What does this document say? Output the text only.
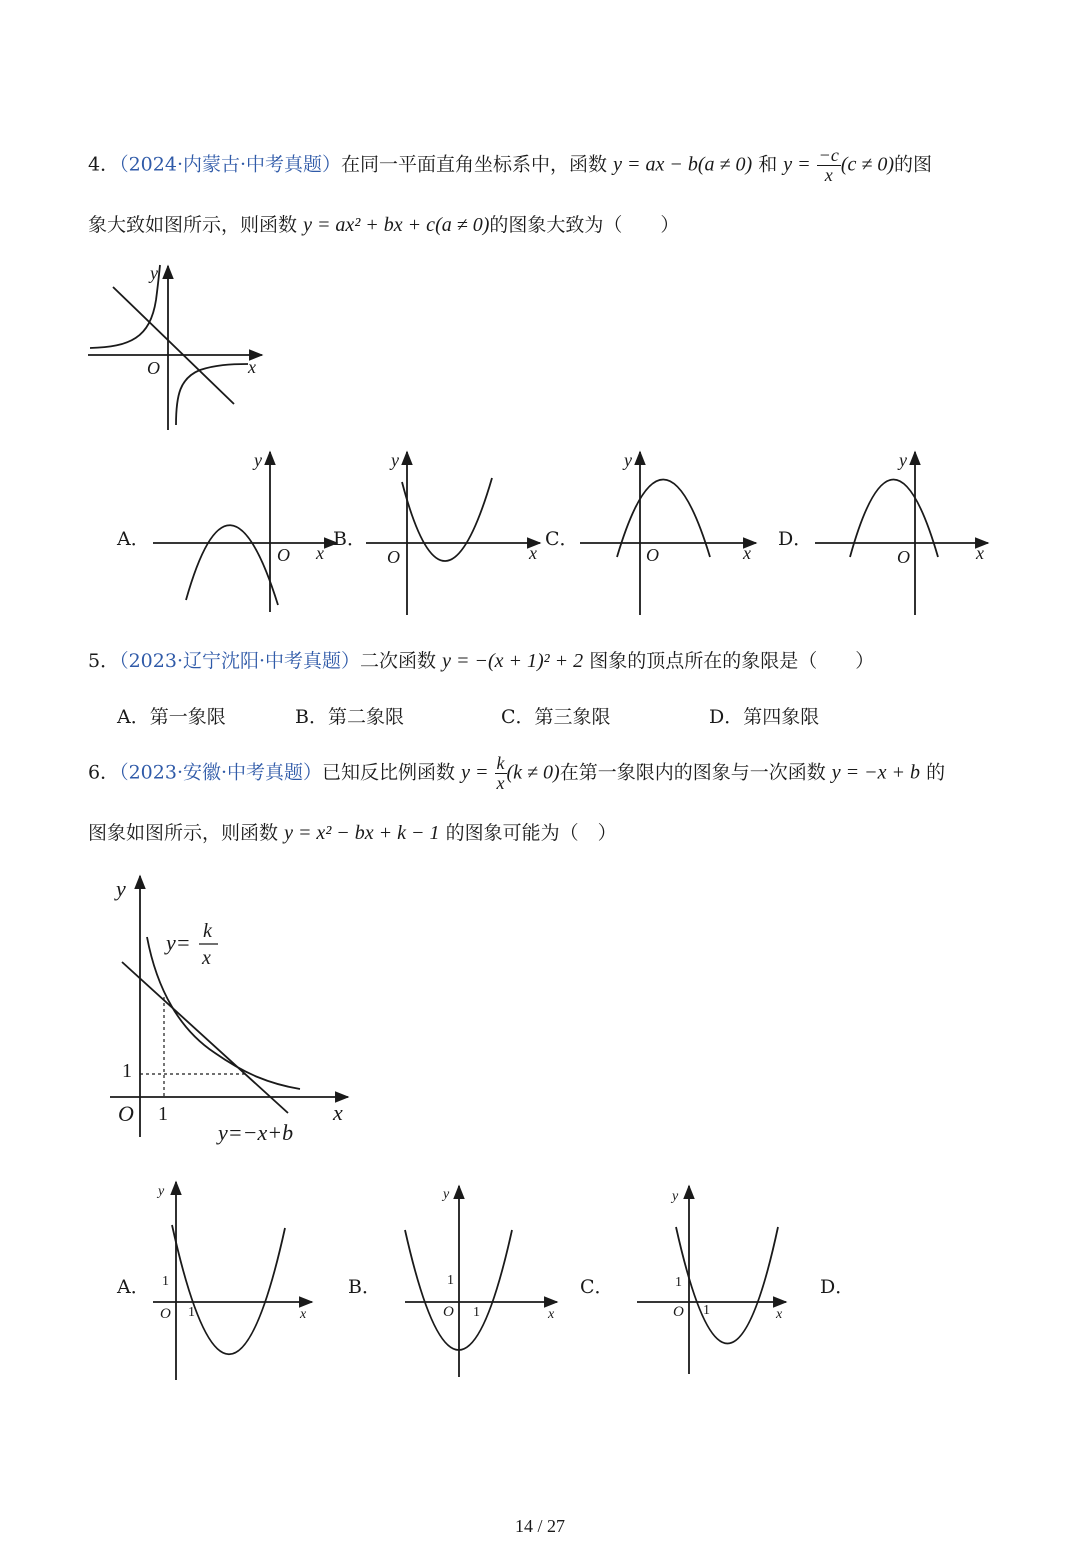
4．（2024·内蒙古·中考真题）在同一平面直角坐标系中，函数 y = ax − b(a ≠ 0) 和 $y = \frac{-c}{x} (c \ne 0)$的图
象大致如图所示，则函数 y = ax² + bx + c(a ≠ 0)的图象大致为（　　）
A．	B．	C．	D．
5．（2023·辽宁沈阳·中考真题）二次函数 y = −(x + 1)² + 2 图象的顶点所在的象限是（　　）
A．第一象限	B．第二象限	C．第三象限	D．第四象限
6．（2023·安徽·中考真题）已知反比例函数 $y = \frac{k}{x} (k \ne 0)$在第一象限内的图象与一次函数 y = −x + b 的
图象如图所示，则函数 y = x² − bx + k − 1 的图象可能为（　）
A．	B．	C．	D．
y
x
O
y
x
O
y
x
O
y
x
O
y
x
O
y
x
O 1
1
y= k
x
y=−x+b
y
x
O
1
1
y
x
O
1
1
y
x
O
1
1
14 / 27
